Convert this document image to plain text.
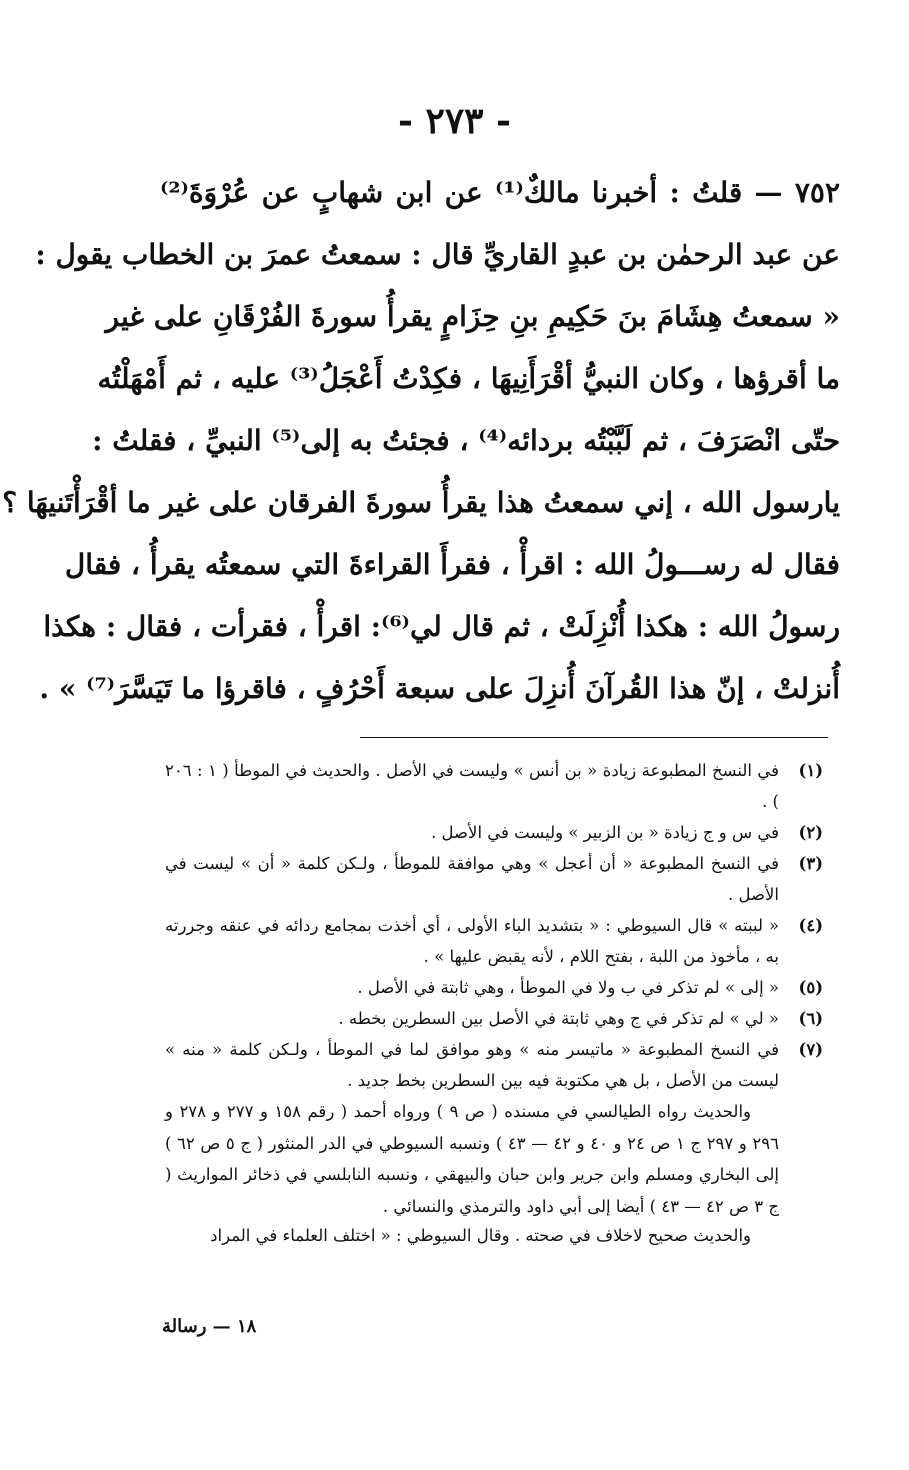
- ٢٧٣ -
٧٥٢ — قلتُ : أخبرنا مالكٌ⁽¹⁾ عن ابن شهابٍ عن عُرْوَةَ⁽²⁾
عن عبد الرحمٰن بن عبدٍ القاريِّ قال : سمعتُ عمرَ بن الخطاب يقول :
« سمعتُ هِشَامَ بنَ حَكِيمِ بنِ حِزَامٍ يقرأُ سورةَ الفُرْقَانِ على غير
ما أقرؤها ، وكان النبيُّ أقْرَأَنِيهَا ، فكِدْتُ أَعْجَلُ⁽³⁾ عليه ، ثم أَمْهَلْتُه
حتّى انْصَرَفَ ، ثم لَبَّبْتُه بردائه⁽⁴⁾ ، فجئتُ به إلى⁽⁵⁾ النبيِّ ، فقلتُ :
يارسول الله ، إني سمعتُ هذا يقرأُ سورةَ الفرقان على غير ما أقْرَأْتَنيهَا ؟
فقال له رســـولُ الله : اقرأْ ، فقرأَ القراءةَ التي سمعتُه يقرأُ ، فقال
رسولُ الله : هكذا أُنْزِلَتْ ، ثم قال لي⁽⁶⁾: اقرأْ ، فقرأت ، فقال : هكذا
أُنزلتْ ، إنّ هذا القُرآنَ أُنزِلَ على سبعة أَحْرُفٍ ، فاقرؤا ما تَيَسَّرَ⁽⁷⁾ » .
(١)
في النسخ المطبوعة زيادة « بن أنس » وليست في الأصل . والحديث في الموطأ ( ١ : ٢٠٦ ) .
(٢)
في س و ج زيادة « بن الزبير » وليست في الأصل .
(٣)
في النسخ المطبوعة « أن أعجل » وهي موافقة للموطأ ، ولـكن كلمة « أن » ليست في الأصل .
(٤)
« لببته » قال السيوطي : « بتشديد الباء الأولى ، أي أخذت بمجامع ردائه في عنقه وجررته به ، مأخوذ من اللبة ، بفتح اللام ، لأنه يقبض عليها » .
(٥)
« إلى » لم تذكر في ب ولا في الموطأ ، وهي ثابتة في الأصل .
(٦)
« لي » لم تذكر في ج وهي ثابتة في الأصل بين السطرين بخطه .
(٧)
في النسخ المطبوعة « ماتيسر منه » وهو موافق لما في الموطأ ، ولـكن كلمة « منه » ليست من الأصل ، بل هي مكتوبة فيه بين السطرين بخط جديد .
والحديث رواه الطيالسي في مسنده ( ص ٩ ) ورواه أحمد ( رقم ١٥٨ و ٢٧٧ و ٢٧٨ و ٢٩٦ و ٢٩٧ ج ١ ص ٢٤ و ٤٠ و ٤٢ — ٤٣ ) ونسبه السيوطي في الدر المنثور ( ج ٥ ص ٦٢ ) إلى البخاري ومسلم وابن جرير وابن حبان والبيهقي ، ونسبه النابلسي في ذخائر المواريث ( ج ٣ ص ٤٢ — ٤٣ ) أيضا إلى أبي داود والترمذي والنسائي .
والحديث صحيح لاخلاف في صحته . وقال السيوطي : « اختلف العلماء في المراد
١٨ — رسالة
